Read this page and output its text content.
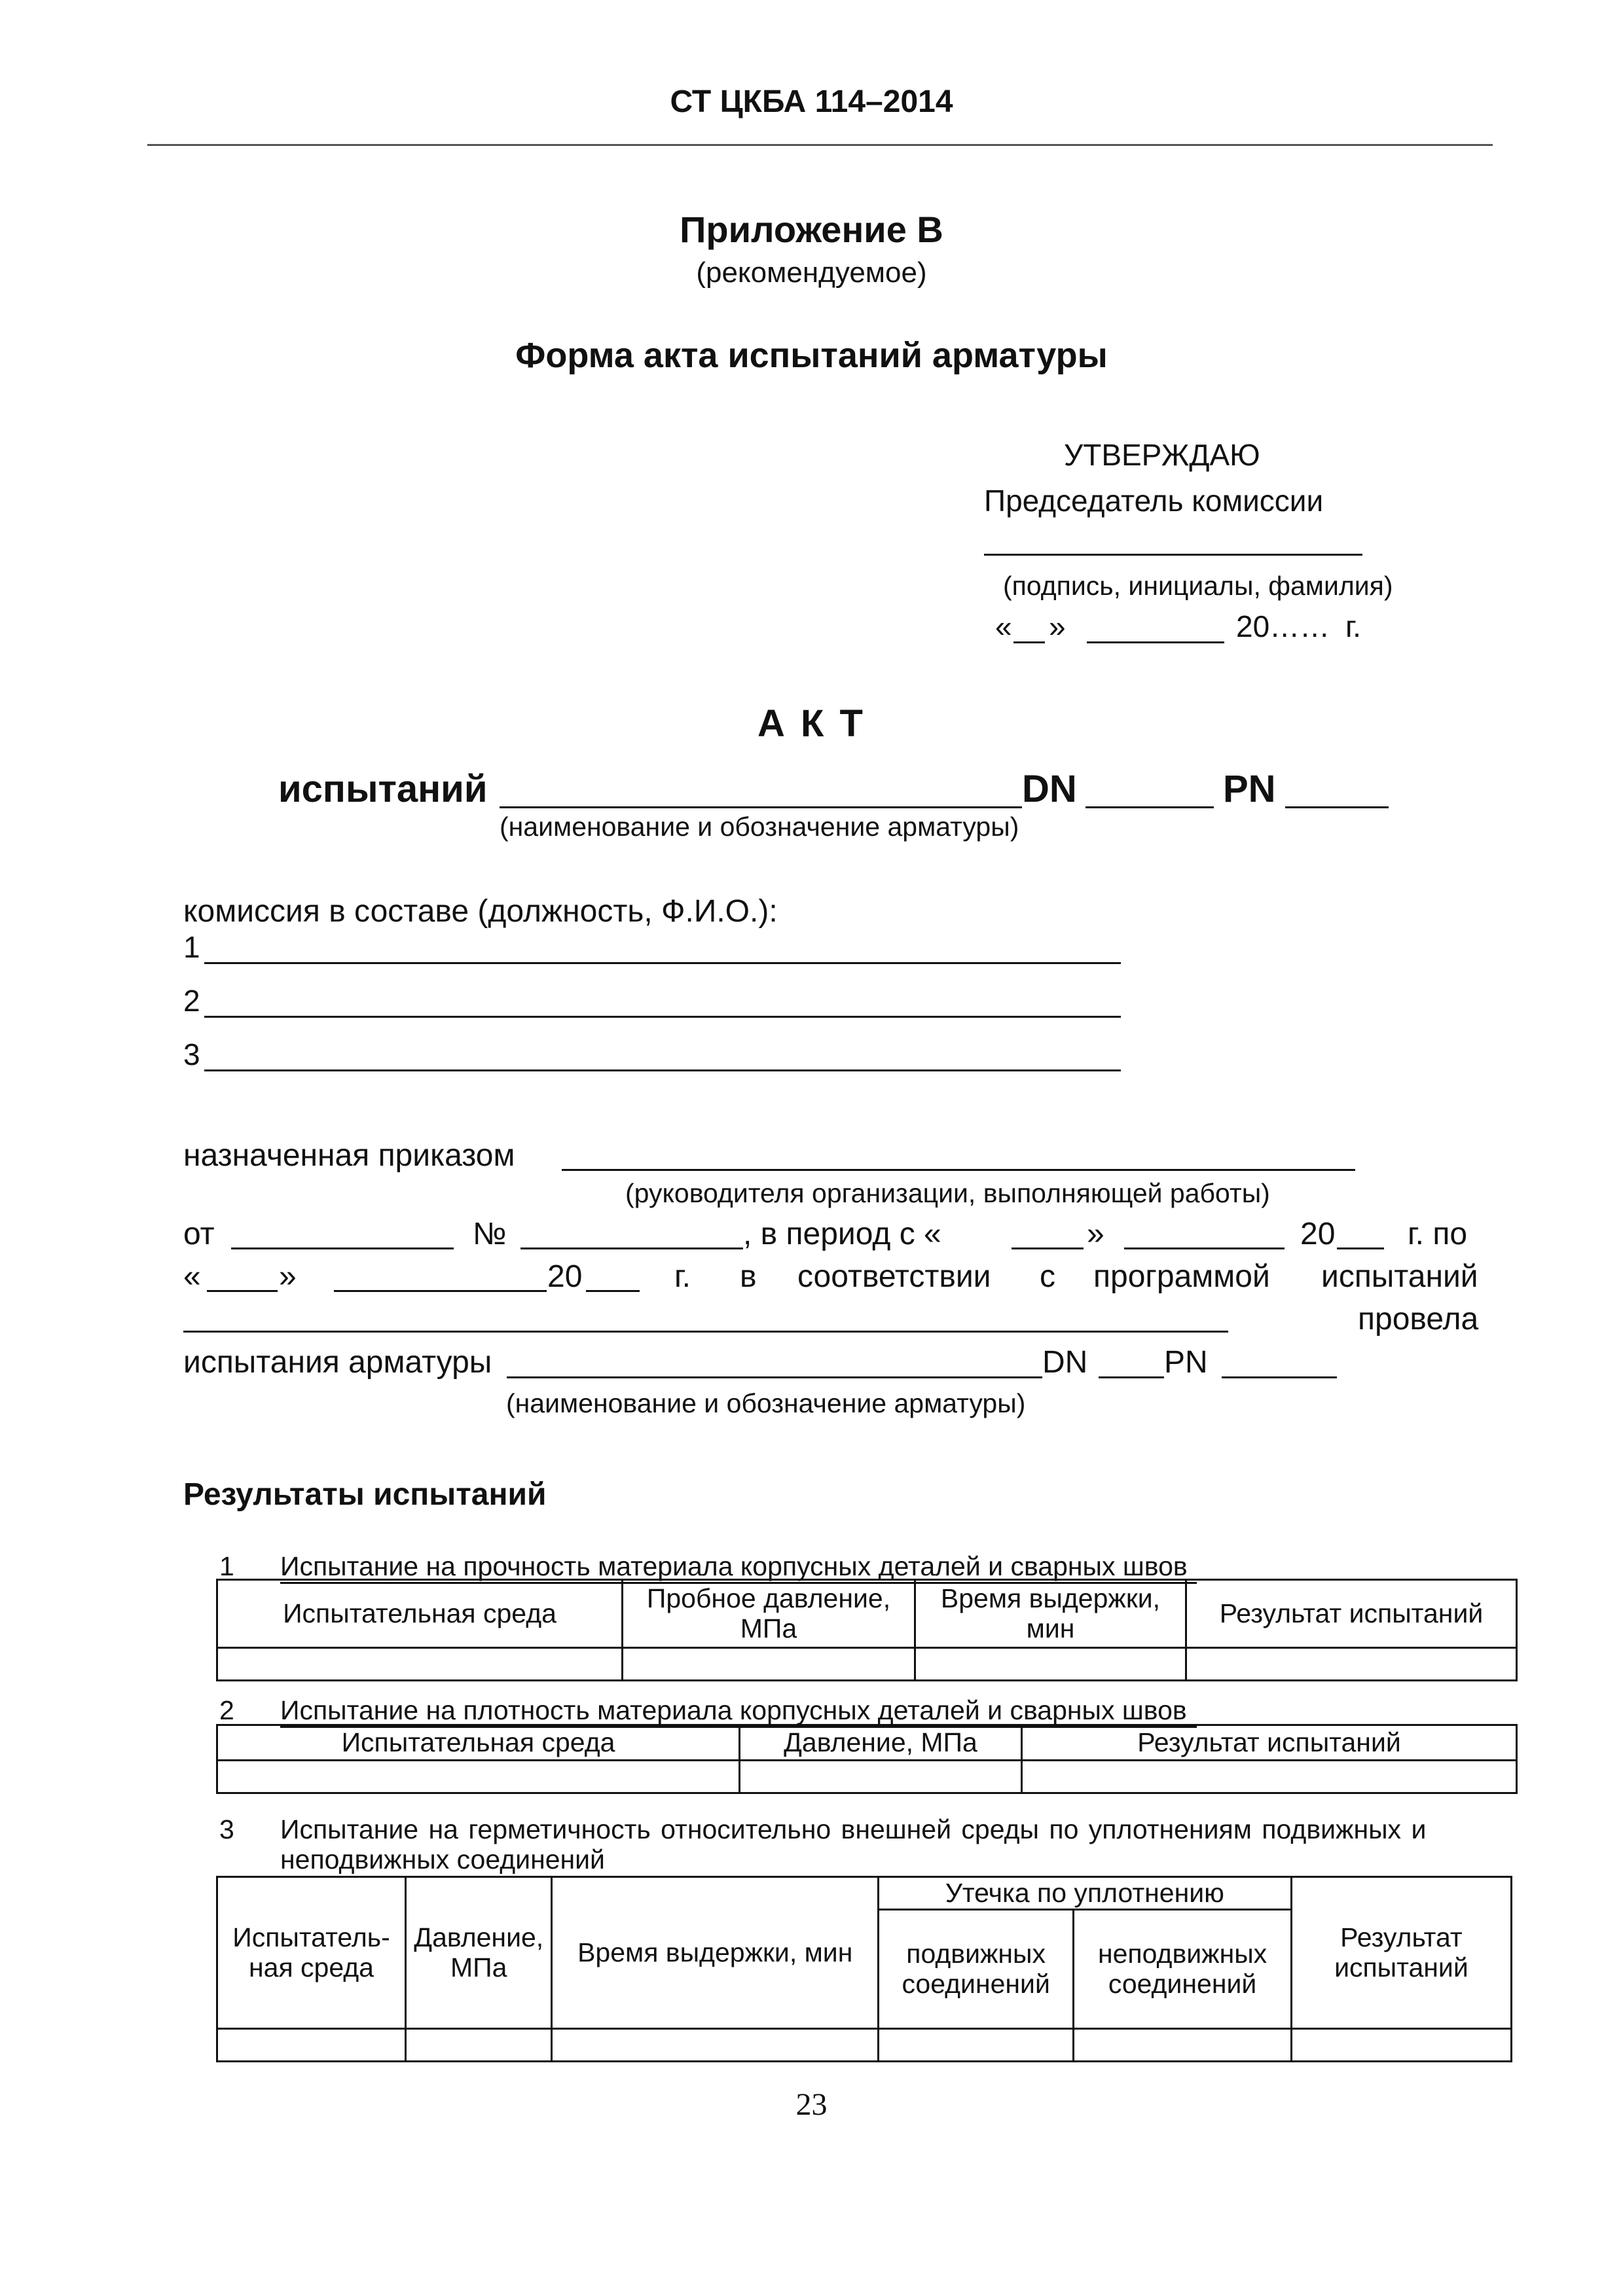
СТ ЦКБА 114–2014
Приложение В
(рекомендуемое)
Форма акта испытаний арматуры
УТВЕРЖДАЮ
Председатель комиссии
(подпись, инициалы, фамилия)
« »	20…… г.
А К Т
испытаний	DN	PN
(наименование и обозначение арматуры)
комиссия в составе (должность, Ф.И.О.):
1
2
3
назначенная приказом
(руководителя организации, выполняющей работы)
от	№	, в период с «	»	20 г. по
« »	20	г. в соответствии с программой испытаний
провела
испытания арматуры	DN PN
(наименование и обозначение арматуры)
Результаты испытаний
1 Испытание на прочность материала корпусных деталей и сварных швов
Испытательная среда	Пробное давление, МПа	Время выдержки, мин	Результат испытаний

2 Испытание на плотность материала корпусных деталей и сварных швов
Испытательная среда	Давление, МПа	Результат испытаний

3 Испытание на герметичность относительно внешней среды по уплотнениям подвижных и
неподвижных соединений
Испытатель-ная среда	Давление, МПа	Время выдержки, мин	Утечка по уплотнению		Результат испытаний
			подвижных соединений	неподвижных соединений	

23
